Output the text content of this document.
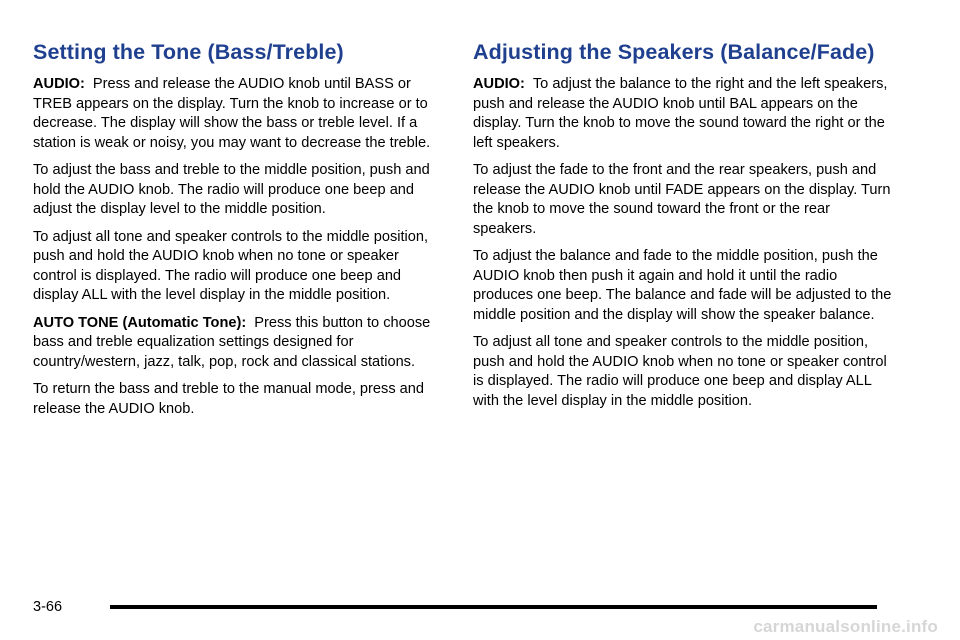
Setting the Tone (Bass/Treble)

AUDIO: Press and release the AUDIO knob until BASS or TREB appears on the display. Turn the knob to increase or to decrease. The display will show the bass or treble level. If a station is weak or noisy, you may want to decrease the treble.

To adjust the bass and treble to the middle position, push and hold the AUDIO knob. The radio will produce one beep and adjust the display level to the middle position.

To adjust all tone and speaker controls to the middle position, push and hold the AUDIO knob when no tone or speaker control is displayed. The radio will produce one beep and display ALL with the level display in the middle position.

AUTO TONE (Automatic Tone): Press this button to choose bass and treble equalization settings designed for country/western, jazz, talk, pop, rock and classical stations.

To return the bass and treble to the manual mode, press and release the AUDIO knob.

Adjusting the Speakers (Balance/Fade)

AUDIO: To adjust the balance to the right and the left speakers, push and release the AUDIO knob until BAL appears on the display. Turn the knob to move the sound toward the right or the left speakers.

To adjust the fade to the front and the rear speakers, push and release the AUDIO knob until FADE appears on the display. Turn the knob to move the sound toward the front or the rear speakers.

To adjust the balance and fade to the middle position, push the AUDIO knob then push it again and hold it until the radio produces one beep. The balance and fade will be adjusted to the middle position and the display will show the speaker balance.

To adjust all tone and speaker controls to the middle position, push and hold the AUDIO knob when no tone or speaker control is displayed. The radio will produce one beep and display ALL with the level display in the middle position.

3-66
carmanualsonline.info
